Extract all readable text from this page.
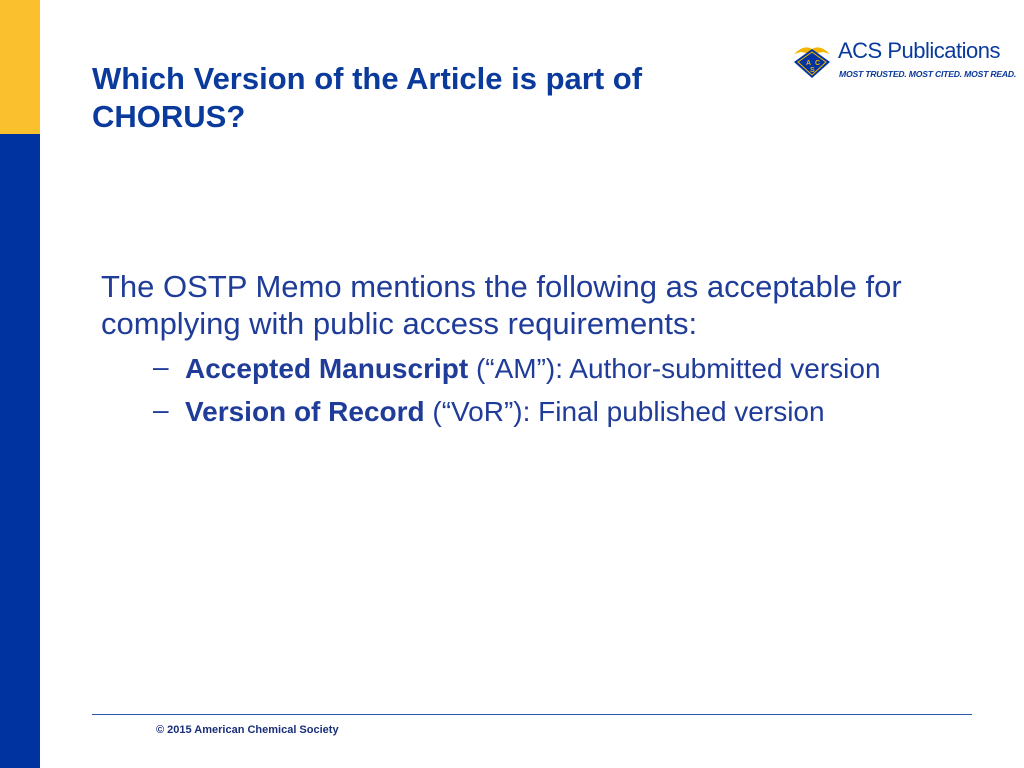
Which Version of the Article is part of CHORUS?
A C
S
ACS Publications
MOST TRUSTED. MOST CITED. MOST READ.

The OSTP Memo mentions the following as acceptable for complying with public access requirements:

– Accepted Manuscript (“AM”): Author-submitted version
– Version of Record (“VoR”): Final published version
© 2015 American Chemical Society
